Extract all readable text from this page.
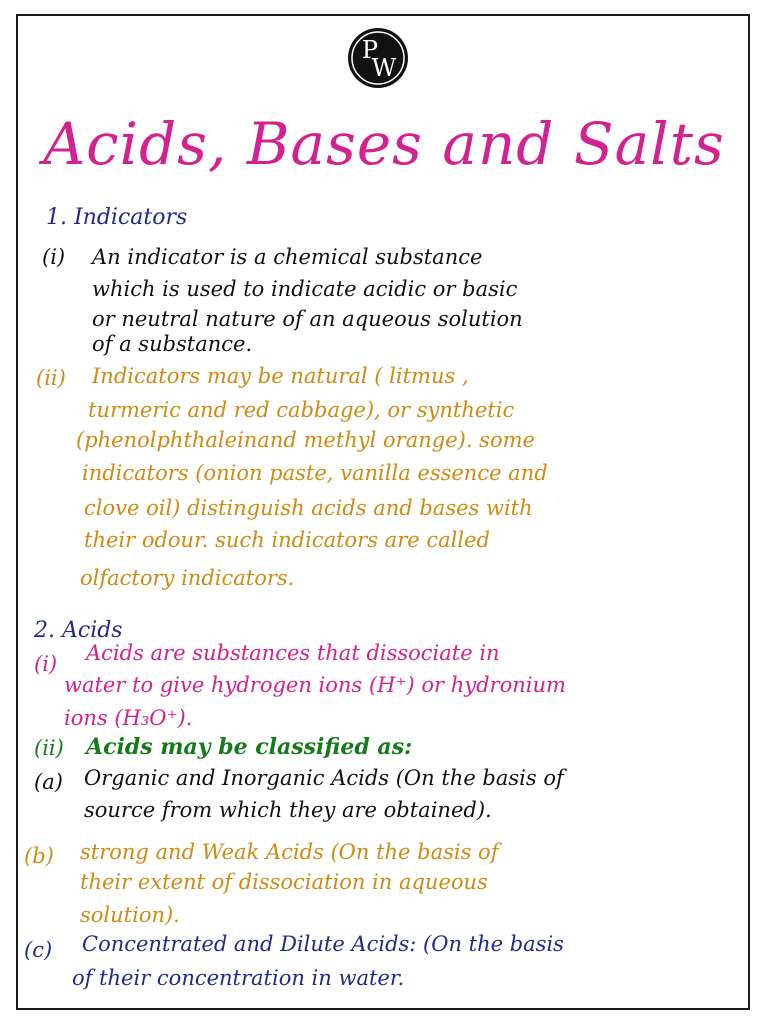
P
W
Acids, Bases and Salts
1. Indicators
(i) An indicator is a chemical substance
which is used to indicate acidic or basic
or neutral nature of an aqueous solution
of a substance.
(ii) Indicators may be natural ( litmus ,
turmeric and red cabbage), or synthetic
(phenolphthaleinand methyl orange). some
indicators (onion paste, vanilla essence and
clove oil) distinguish acids and bases with
their odour. such indicators are called
olfactory indicators.
2. Acids
(i) Acids are substances that dissociate in
water to give hydrogen ions (H⁺) or hydronium
ions (H₃O⁺).
(ii) Acids may be classified as:
(a) Organic and Inorganic Acids (On the basis of
source from which they are obtained).
(b) strong and Weak Acids (On the basis of
their extent of dissociation in aqueous
solution).
(c) Concentrated and Dilute Acids: (On the basis
of their concentration in water.
